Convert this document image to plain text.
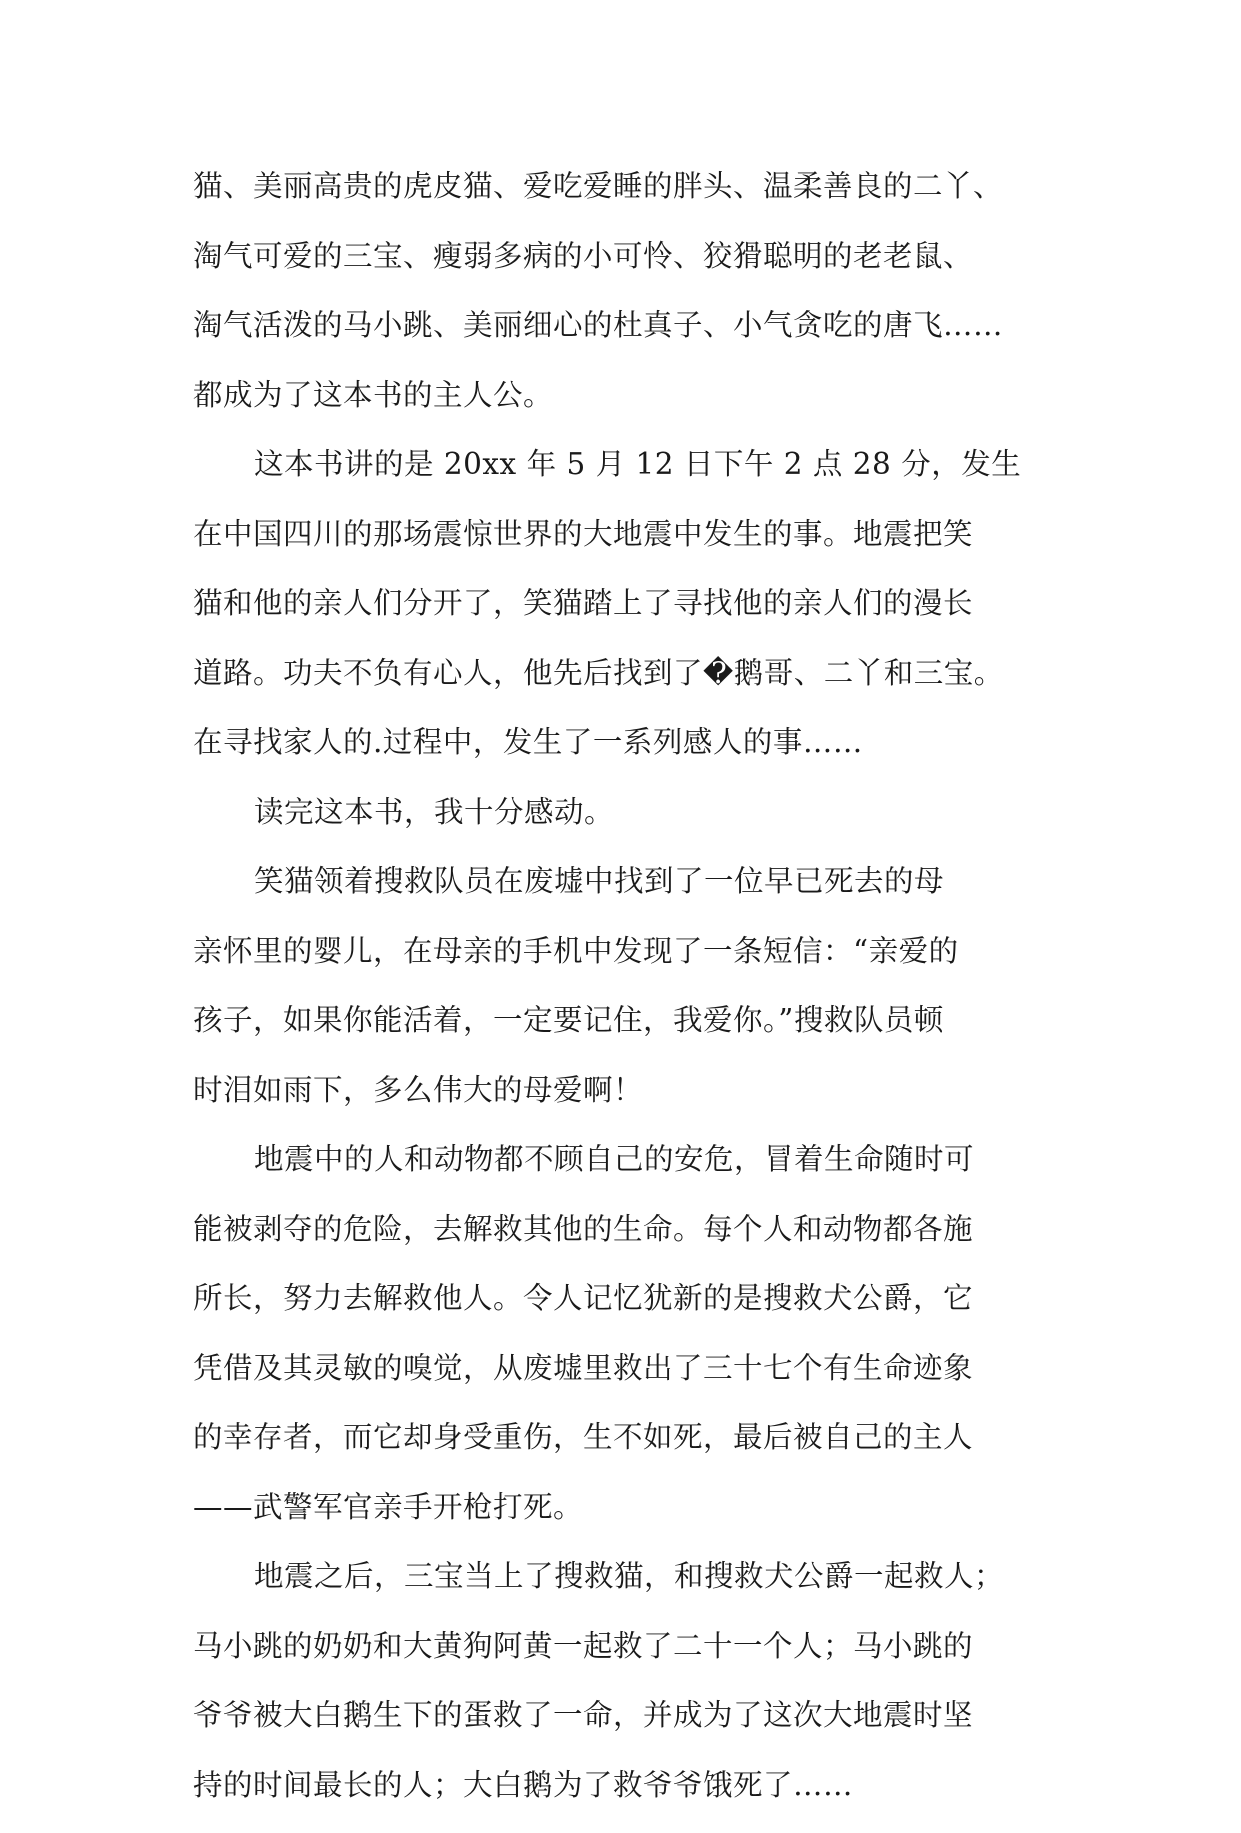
猫、美丽高贵的虎皮猫、爱吃爱睡的胖头、温柔善良的二丫、
淘气可爱的三宝、瘦弱多病的小可怜、狡猾聪明的老老鼠、
淘气活泼的马小跳、美丽细心的杜真子、小气贪吃的唐飞……
都成为了这本书的主人公。
这本书讲的是 20xx 年 5 月 12 日下午 2 点 28 分，发生
在中国四川的那场震惊世界的大地震中发生的事。地震把笑
猫和他的亲人们分开了，笑猫踏上了寻找他的亲人们的漫长
道路。功夫不负有心人，他先后找到了�鹅哥、二丫和三宝。
在寻找家人的.过程中，发生了一系列感人的事……
读完这本书，我十分感动。
笑猫领着搜救队员在废墟中找到了一位早已死去的母
亲怀里的婴儿，在母亲的手机中发现了一条短信：“亲爱的
孩子，如果你能活着，一定要记住，我爱你。”搜救队员顿
时泪如雨下，多么伟大的母爱啊！
地震中的人和动物都不顾自己的安危，冒着生命随时可
能被剥夺的危险，去解救其他的生命。每个人和动物都各施
所长，努力去解救他人。令人记忆犹新的是搜救犬公爵，它
凭借及其灵敏的嗅觉，从废墟里救出了三十七个有生命迹象
的幸存者，而它却身受重伤，生不如死，最后被自己的主人
——武警军官亲手开枪打死。
地震之后，三宝当上了搜救猫，和搜救犬公爵一起救人；
马小跳的奶奶和大黄狗阿黄一起救了二十一个人；马小跳的
爷爷被大白鹅生下的蛋救了一命，并成为了这次大地震时坚
持的时间最长的人；大白鹅为了救爷爷饿死了……
